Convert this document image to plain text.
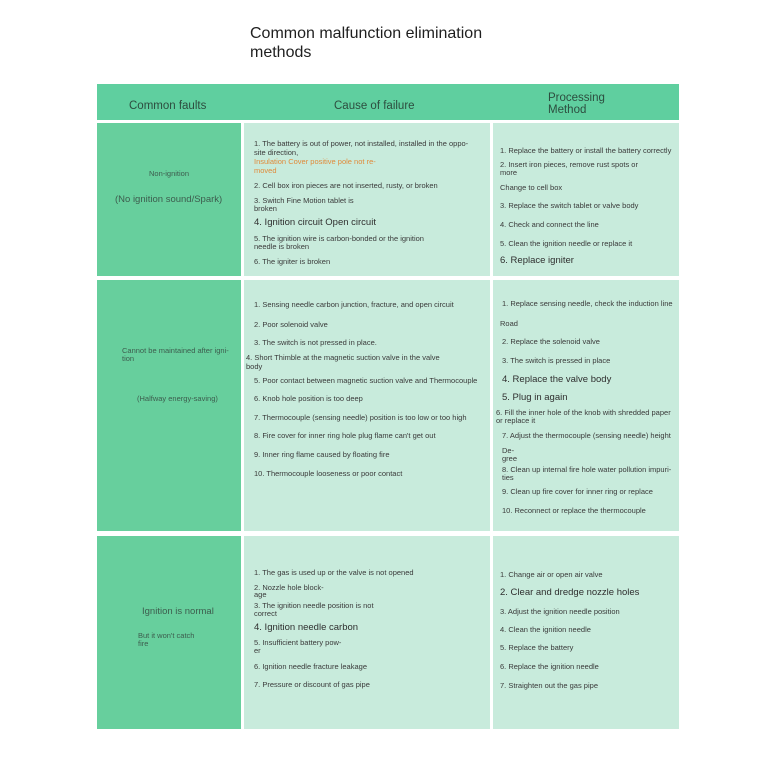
Common malfunction elimination
methods
Common faults	Cause of failure
Processing
Method
Non-ignition
(No ignition sound/Spark)
1. The battery is out of power, not installed, installed in the oppo-
site direction,
Insulation Cover positive pole not re-
moved
2. Cell box iron pieces are not inserted, rusty, or broken
3. Switch Fine Motion tablet is
broken
4. Ignition circuit Open circuit
5. The ignition wire is carbon-bonded or the ignition
needle is broken
6. The igniter is broken
1. Replace the battery or install the battery correctly
2. Insert iron pieces, remove rust spots or
more
Change to cell box
3. Replace the switch tablet or valve body
4. Check and connect the line
5. Clean the ignition needle or replace it
6. Replace igniter
Cannot be maintained after igni-
tion
(Halfway energy-saving)
1. Sensing needle carbon junction, fracture, and open circuit
2. Poor solenoid valve
3. The switch is not pressed in place.
4. Short Thimble at the magnetic suction valve in the valve
body
5. Poor contact between magnetic suction valve and Thermocouple
6. Knob hole position is too deep
7. Thermocouple (sensing needle) position is too low or too high
8. Fire cover for inner ring hole plug flame can't get out
9. Inner ring flame caused by floating fire
10. Thermocouple looseness or poor contact
1. Replace sensing needle, check the induction line
Road
2. Replace the solenoid valve
3. The switch is pressed in place
4. Replace the valve body
5. Plug in again
6. Fill the inner hole of the knob with shredded paper
or replace it
7. Adjust the thermocouple (sensing needle) height
De-
gree
8. Clean up internal fire hole water pollution impuri-
ties
9. Clean up fire cover for inner ring or replace
10. Reconnect or replace the thermocouple
Ignition is normal
But it won't catch
fire
1. The gas is used up or the valve is not opened
2. Nozzle hole block-
age
3. The ignition needle position is not
correct
4. Ignition needle carbon
5. Insufficient battery pow-
er
6. Ignition needle fracture leakage
7. Pressure or discount of gas pipe
1. Change air or open air valve
2. Clear and dredge nozzle holes
3. Adjust the ignition needle position
4. Clean the ignition needle
5. Replace the battery
6. Replace the ignition needle
7. Straighten out the gas pipe
